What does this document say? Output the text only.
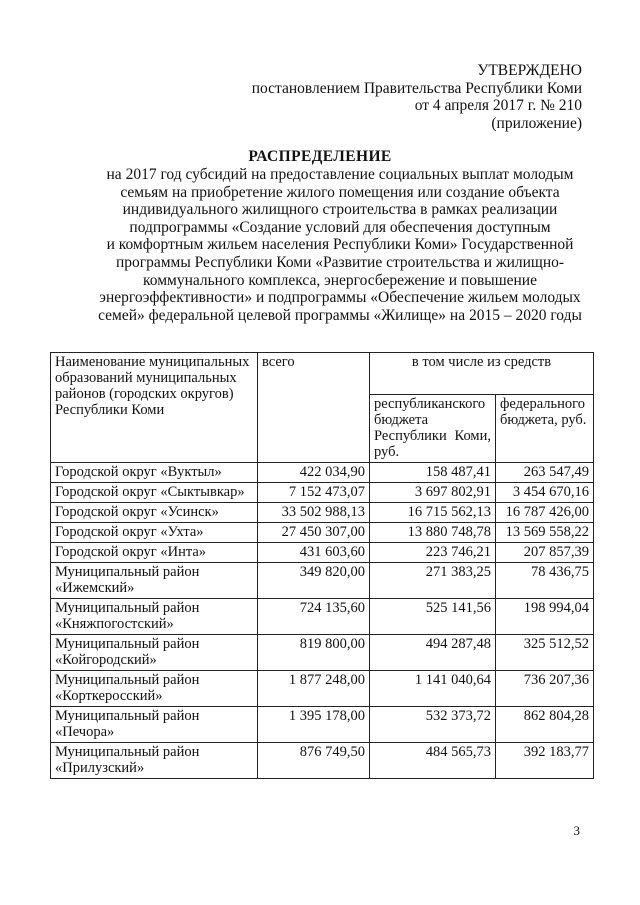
УТВЕРЖДЕНО
постановлением Правительства Республики Коми
от 4 апреля 2017 г. № 210
(приложение)
РАСПРЕДЕЛЕНИЕ
на 2017 год субсидий на предоставление социальных выплат молодым
семьям на приобретение жилого помещения или создание объекта
индивидуального жилищного строительства в рамках реализации
подпрограммы «Создание условий для обеспечения доступным
и комфортным жильем населения Республики Коми» Государственной
программы Республики Коми «Развитие строительства и жилищно-
коммунального комплекса, энергосбережение и повышение
энергоэффективности» и подпрограммы «Обеспечение жильем молодых
семей» федеральной целевой программы «Жилище» на 2015 – 2020 годы
Наименование муниципальных образований муниципальных районов (городских округов) Республики Коми	всего	в том числе из средств	
		республиканского бюджета Республики Коми, руб.	федерального бюджета, руб.
Городской округ «Вуктыл»	422 034,90	158 487,41	263 547,49
Городской округ «Сыктывкар»	7 152 473,07	3 697 802,91	3 454 670,16
Городской округ «Усинск»	33 502 988,13	16 715 562,13	16 787 426,00
Городской округ «Ухта»	27 450 307,00	13 880 748,78	13 569 558,22
Городской округ «Инта»	431 603,60	223 746,21	207 857,39
Муниципальный район «Ижемский»	349 820,00	271 383,25	78 436,75
Муниципальный район «Княжпогостский»	724 135,60	525 141,56	198 994,04
Муниципальный район «Койгородский»	819 800,00	494 287,48	325 512,52
Муниципальный район «Корткеросский»	1 877 248,00	1 141 040,64	736 207,36
Муниципальный район «Печора»	1 395 178,00	532 373,72	862 804,28
Муниципальный район «Прилузский»	876 749,50	484 565,73	392 183,77
3
